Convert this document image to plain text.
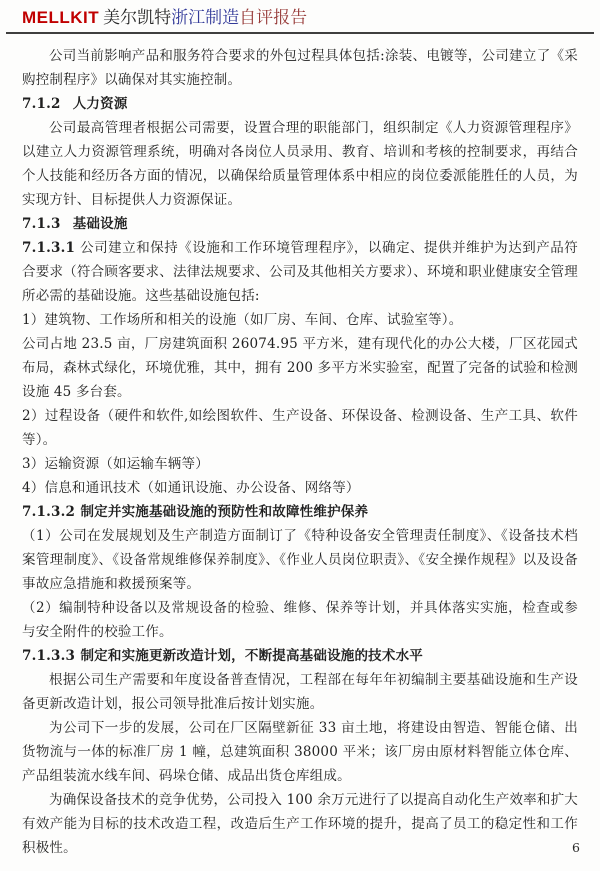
MELLKIT 美尔凯特浙江制造自评报告

公司当前影响产品和服务符合要求的外包过程具体包括:涂装、电镀等，公司建立了《采购控制程序》以确保对其实施控制。

7.1.2 人力资源

公司最高管理者根据公司需要，设置合理的职能部门，组织制定《人力资源管理程序》以建立人力资源管理系统，明确对各岗位人员录用、教育、培训和考核的控制要求，再结合个人技能和经历各方面的情况，以确保给质量管理体系中相应的岗位委派能胜任的人员，为实现方针、目标提供人力资源保证。

7.1.3 基础设施

7.1.3.1 公司建立和保持《设施和工作环境管理程序》，以确定、提供并维护为达到产品符合要求（符合顾客要求、法律法规要求、公司及其他相关方要求）、环境和职业健康安全管理所必需的基础设施。这些基础设施包括:

1）建筑物、工作场所和相关的设施（如厂房、车间、仓库、试验室等）。

公司占地 23.5 亩，厂房建筑面积 26074.95 平方米，建有现代化的办公大楼，厂区花园式布局，森林式绿化，环境优雅，其中，拥有 200 多平方米实验室，配置了完备的试验和检测设施 45 多台套。

2）过程设备（硬件和软件,如绘图软件、生产设备、环保设备、检测设备、生产工具、软件等）。

3）运输资源（如运输车辆等）

4）信息和通讯技术（如通讯设施、办公设备、网络等）

7.1.3.2 制定并实施基础设施的预防性和故障性维护保养

（1）公司在发展规划及生产制造方面制订了《特种设备安全管理责任制度》、《设备技术档案管理制度》、《设备常规维修保养制度》、《作业人员岗位职责》、《安全操作规程》以及设备事故应急措施和救援预案等。

（2）编制特种设备以及常规设备的检验、维修、保养等计划，并具体落实实施，检查或参与安全附件的校验工作。

7.1.3.3 制定和实施更新改造计划，不断提高基础设施的技术水平

根据公司生产需要和年度设备普查情况，工程部在每年年初编制主要基础设施和生产设备更新改造计划，报公司领导批准后按计划实施。

为公司下一步的发展，公司在厂区隔壁新征 33 亩土地，将建设由智造、智能仓储、出货物流与一体的标准厂房 1 幢，总建筑面积 38000 平米；该厂房由原材料智能立体仓库、产品组装流水线车间、码垛仓储、成品出货仓库组成。

为确保设备技术的竞争优势，公司投入 100 余万元进行了以提高自动化生产效率和扩大有效产能为目标的技术改造工程，改造后生产工作环境的提升，提高了员工的稳定性和工作积极性。	6
